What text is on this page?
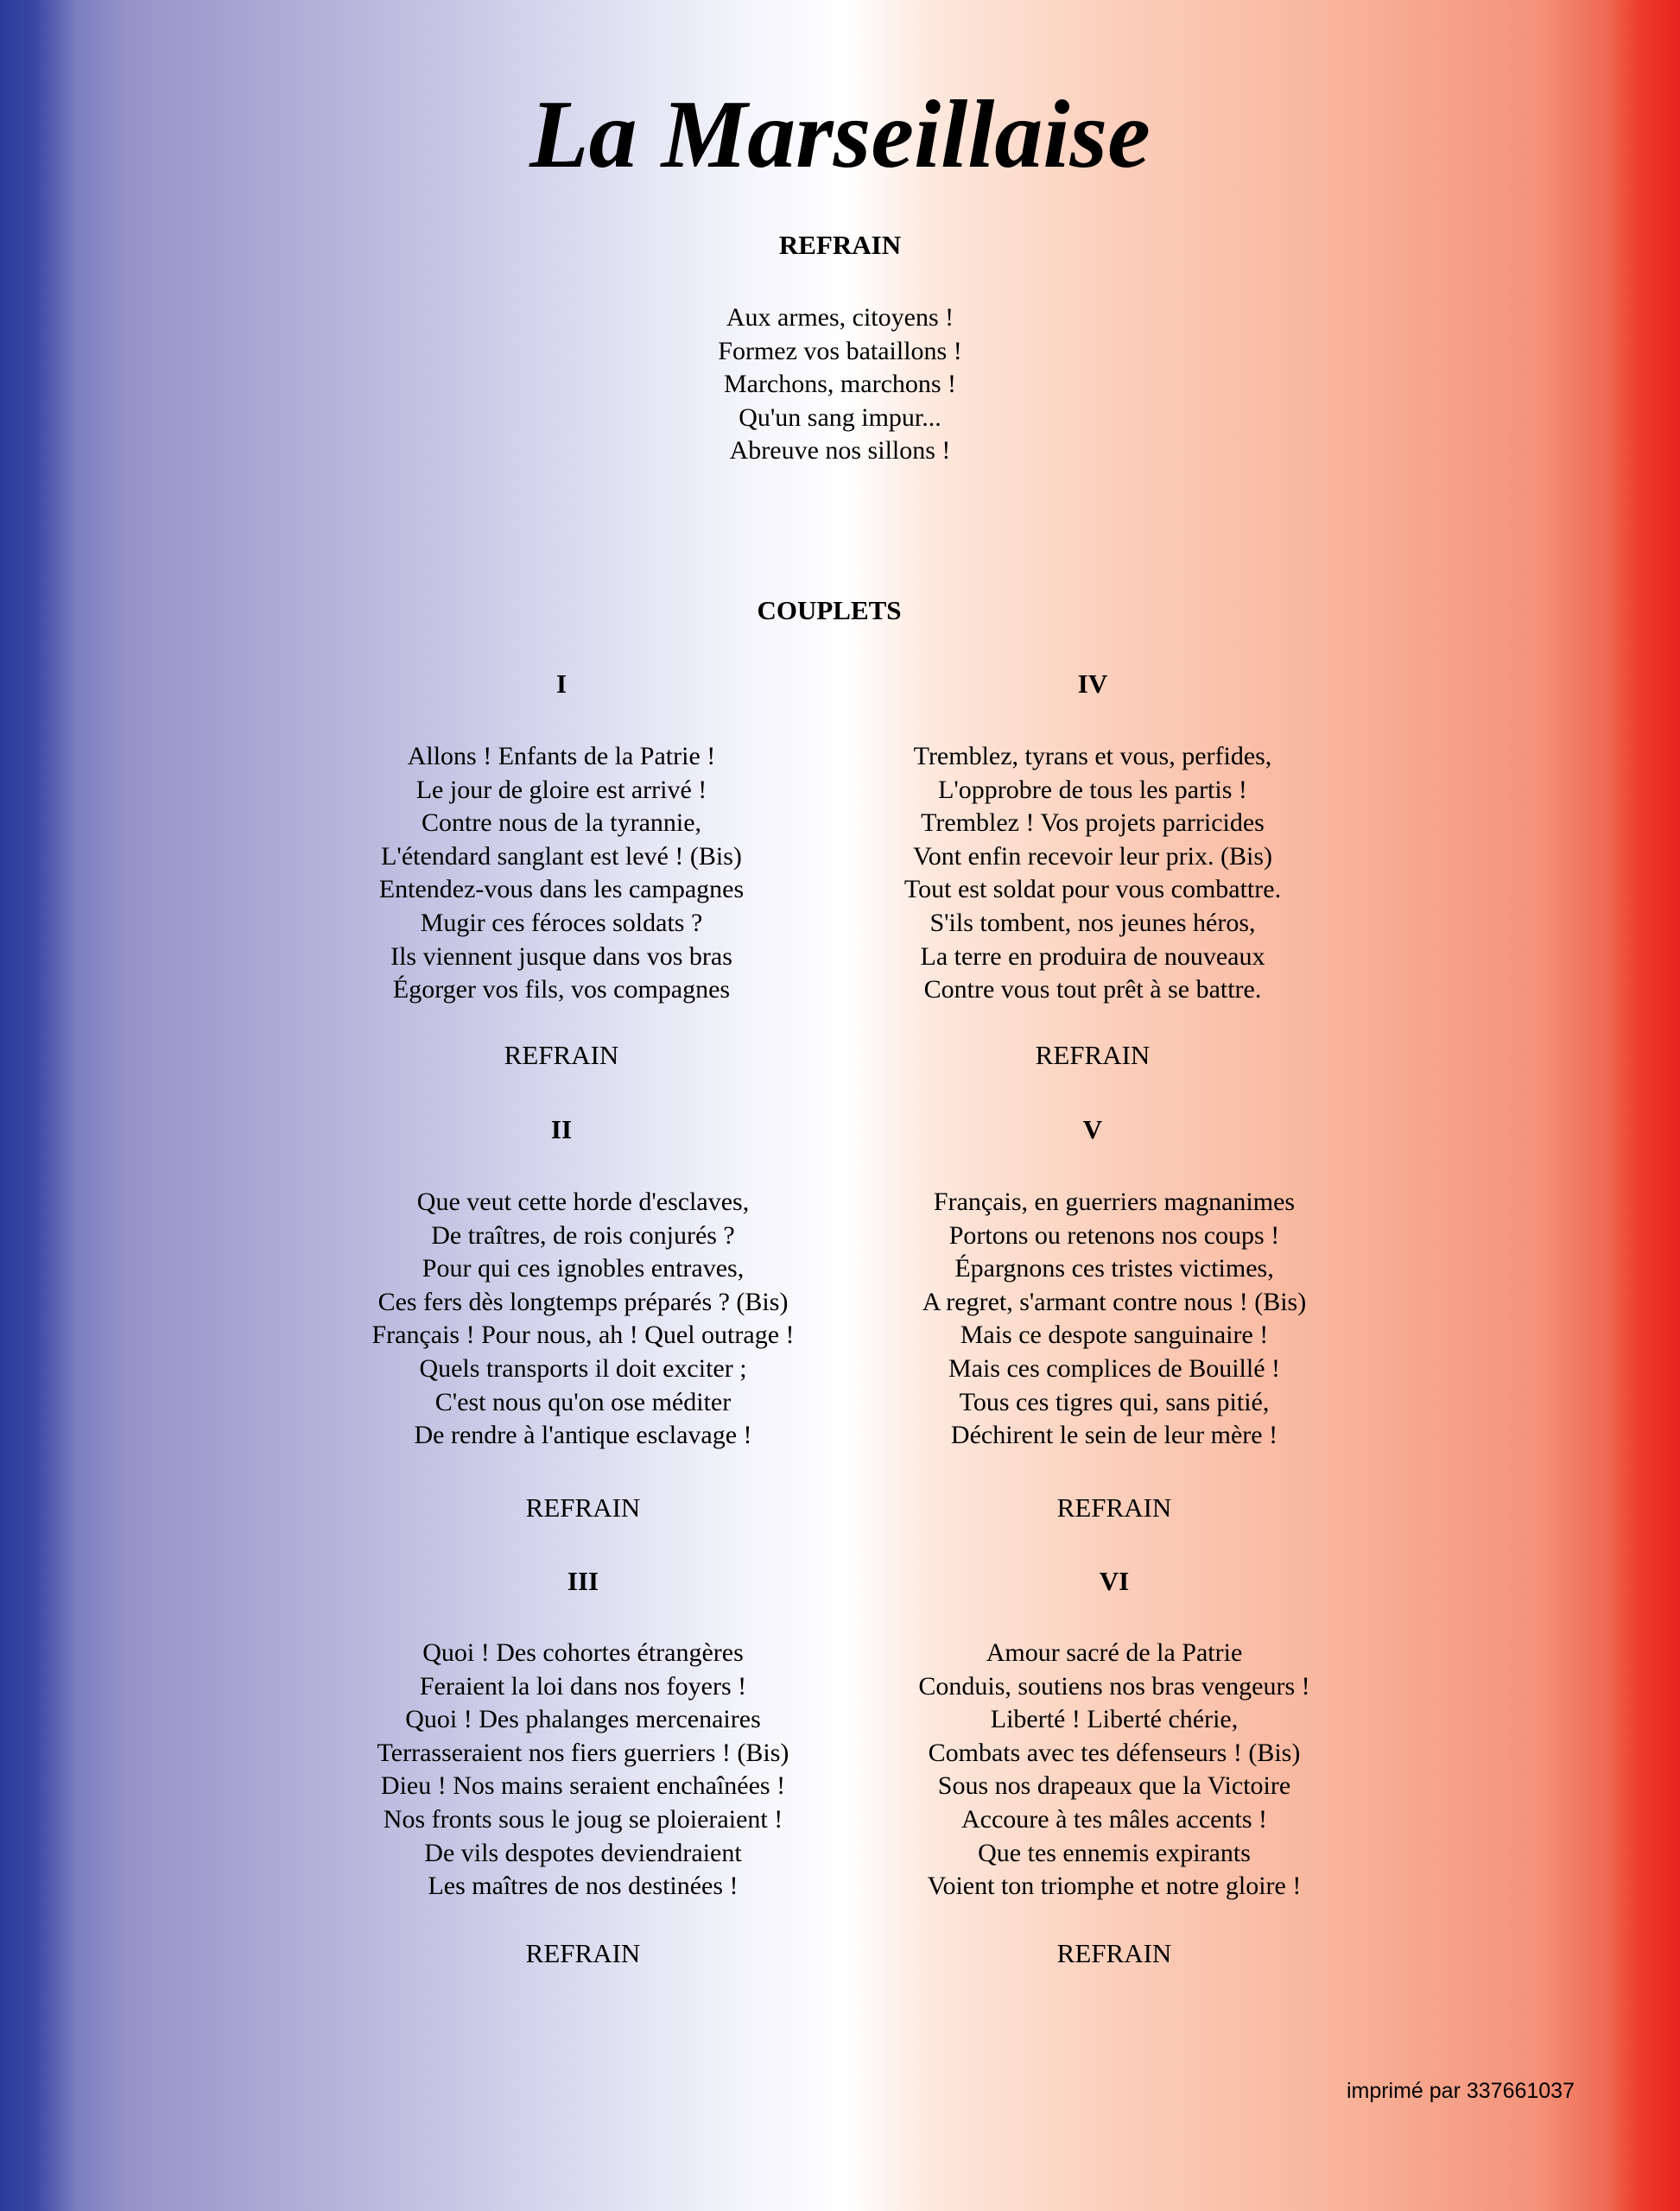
La Marseillaise
REFRAIN
Aux armes, citoyens !
Formez vos bataillons !
Marchons, marchons !
Qu'un sang impur...
Abreuve nos sillons !
COUPLETS
I
Allons ! Enfants de la Patrie !
Le jour de gloire est arrivé !
Contre nous de la tyrannie,
L'étendard sanglant est levé ! (Bis)
Entendez-vous dans les campagnes
Mugir ces féroces soldats ?
Ils viennent jusque dans vos bras
Égorger vos fils, vos compagnes
REFRAIN
IV
Tremblez, tyrans et vous, perfides,
L'opprobre de tous les partis !
Tremblez ! Vos projets parricides
Vont enfin recevoir leur prix. (Bis)
Tout est soldat pour vous combattre.
S'ils tombent, nos jeunes héros,
La terre en produira de nouveaux
Contre vous tout prêt à se battre.
REFRAIN
II
Que veut cette horde d'esclaves,
De traîtres, de rois conjurés ?
Pour qui ces ignobles entraves,
Ces fers dès longtemps préparés ? (Bis)
Français ! Pour nous, ah ! Quel outrage !
Quels transports il doit exciter ;
C'est nous qu'on ose méditer
De rendre à l'antique esclavage !
REFRAIN
V
Français, en guerriers magnanimes
Portons ou retenons nos coups !
Épargnons ces tristes victimes,
A regret, s'armant contre nous ! (Bis)
Mais ce despote sanguinaire !
Mais ces complices de Bouillé !
Tous ces tigres qui, sans pitié,
Déchirent le sein de leur mère !
REFRAIN
III
Quoi ! Des cohortes étrangères
Feraient la loi dans nos foyers !
Quoi ! Des phalanges mercenaires
Terrasseraient nos fiers guerriers ! (Bis)
Dieu ! Nos mains seraient enchaînées !
Nos fronts sous le joug se ploieraient !
De vils despotes deviendraient
Les maîtres de nos destinées !
REFRAIN
VI
Amour sacré de la Patrie
Conduis, soutiens nos bras vengeurs !
Liberté ! Liberté chérie,
Combats avec tes défenseurs ! (Bis)
Sous nos drapeaux que la Victoire
Accoure à tes mâles accents !
Que tes ennemis expirants
Voient ton triomphe et notre gloire !
REFRAIN
imprimé par 337661037
